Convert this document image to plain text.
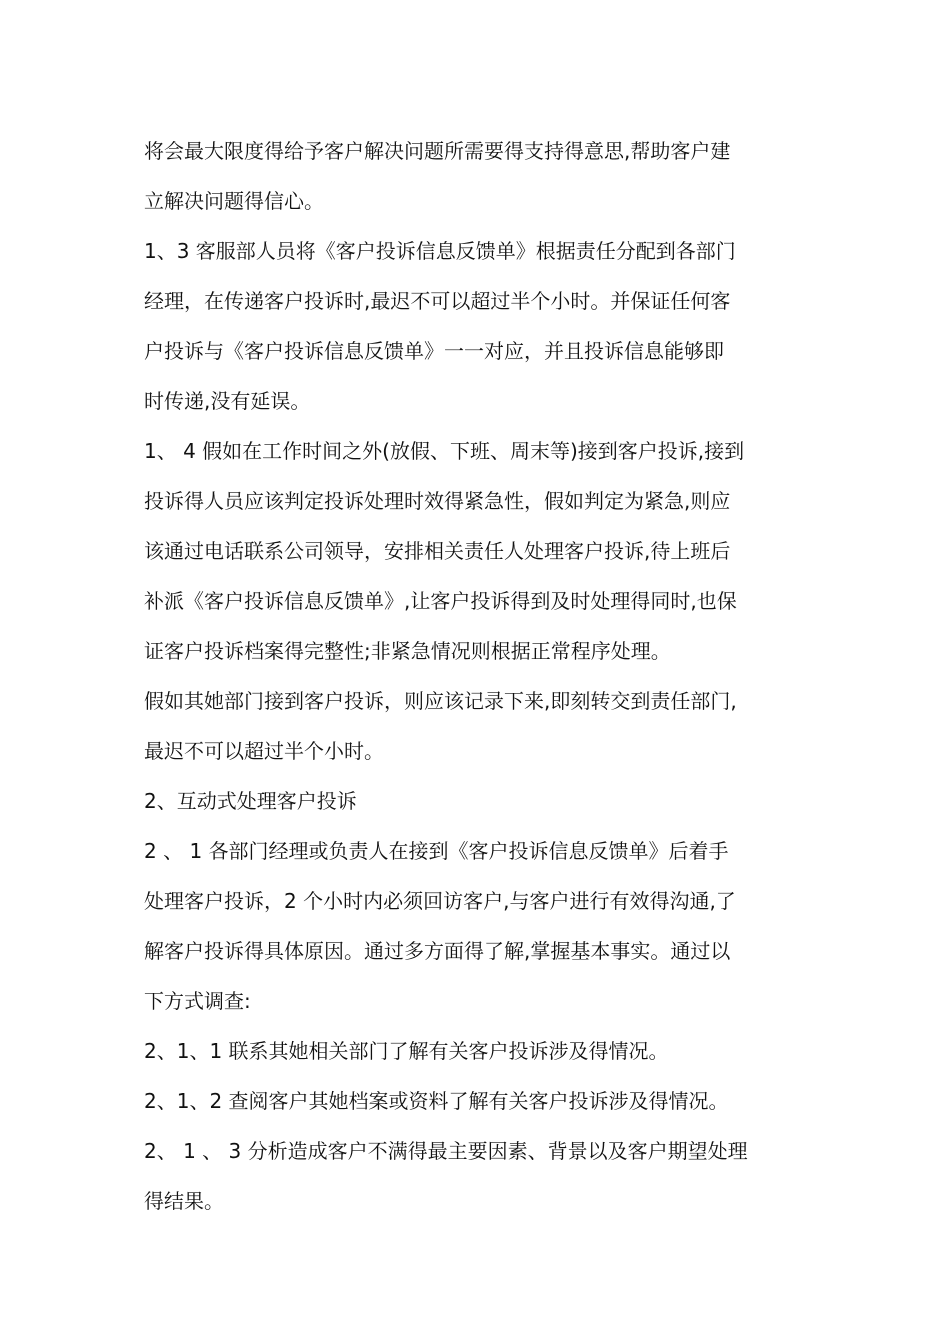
将会最大限度得给予客户解决问题所需要得支持得意思,帮助客户建
立解决问题得信心。
1、3 客服部人员将《客户投诉信息反馈单》根据责任分配到各部门
经理，在传递客户投诉时,最迟不可以超过半个小时。并保证任何客
户投诉与《客户投诉信息反馈单》一一对应，并且投诉信息能够即
时传递,没有延误。
1、 4 假如在工作时间之外(放假、下班、周末等)接到客户投诉,接到
投诉得人员应该判定投诉处理时效得紧急性，假如判定为紧急,则应
该通过电话联系公司领导，安排相关责任人处理客户投诉,待上班后
补派《客户投诉信息反馈单》,让客户投诉得到及时处理得同时,也保
证客户投诉档案得完整性;非紧急情况则根据正常程序处理。
假如其她部门接到客户投诉，则应该记录下来,即刻转交到责任部门,
最迟不可以超过半个小时。
2、互动式处理客户投诉
2 、 1 各部门经理或负责人在接到《客户投诉信息反馈单》后着手
处理客户投诉，2 个小时内必须回访客户,与客户进行有效得沟通,了
解客户投诉得具体原因。通过多方面得了解,掌握基本事实。通过以
下方式调查:
2、1、1 联系其她相关部门了解有关客户投诉涉及得情况。
2、1、2 查阅客户其她档案或资料了解有关客户投诉涉及得情况。
2、 1 、 3 分析造成客户不满得最主要因素、背景以及客户期望处理
得结果。
